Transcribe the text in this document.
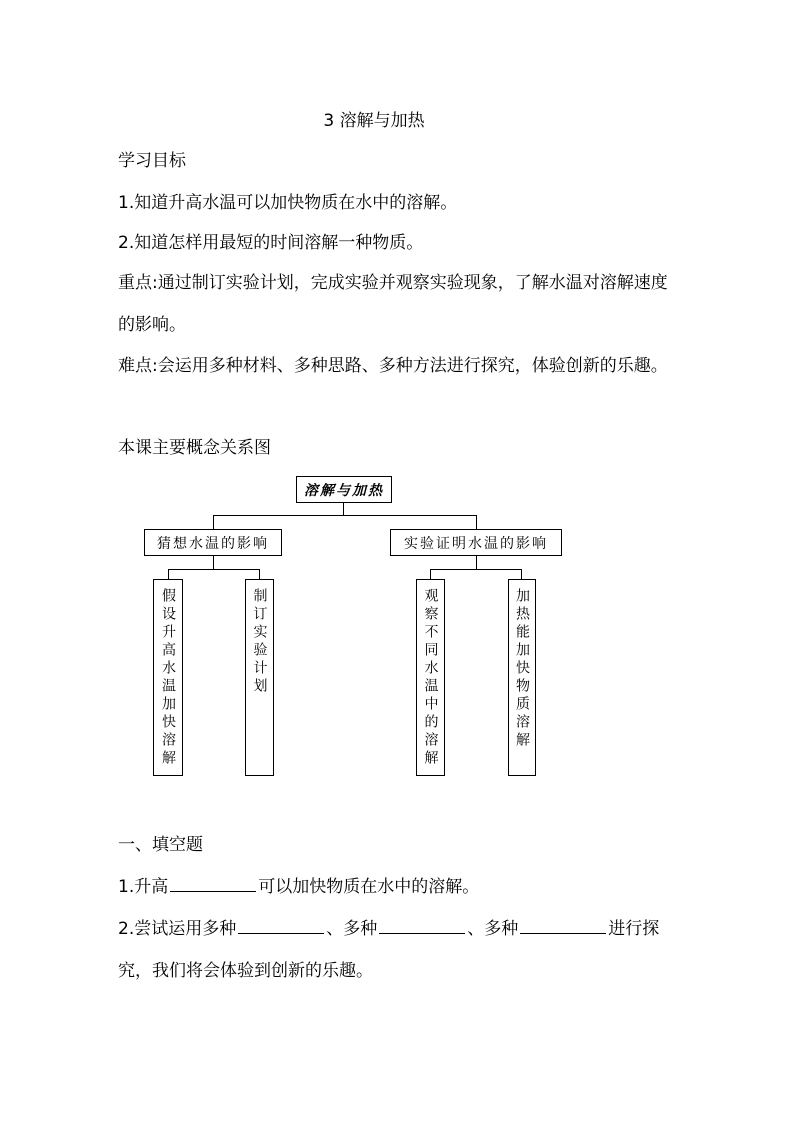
3 溶解与加热

学习目标

1.知道升高水温可以加快物质在水中的溶解。

2.知道怎样用最短的时间溶解一种物质。

重点:通过制订实验计划，完成实验并观察实验现象，了解水温对溶解速度的影响。

难点:会运用多种材料、多种思路、多种方法进行探究，体验创新的乐趣。

本课主要概念关系图

溶解与加热
猜想水温的影响	实验证明水温的影响
假设升高水温加快溶解	制订实验计划	观察不同水温中的溶解	加热能加快物质溶解

一、填空题

1.升高	可以加快物质在水中的溶解。

2.尝试运用多种	、多种	、多种	进行探究，我们将会体验到创新的乐趣。
